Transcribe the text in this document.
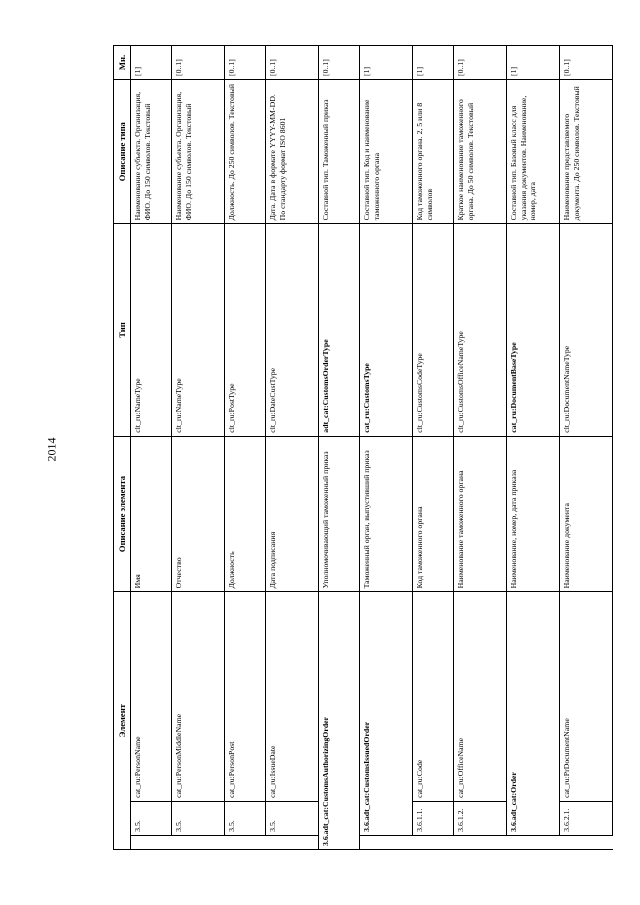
2014
Элемент			Описание элемента	Тип	Описание типа	Мн.
	3.5.	cat_ru:PersonName	Имя	clt_ru:NameType	Наименование субъекта. Организация, ФИО. До 150 символов. Текстовый	[1]
	3.5.	cat_ru:PersonMiddleName	Отчество	clt_ru:NameType	Наименование субъекта. Организация, ФИО. До 150 символов. Текстовый	[0..1]
	3.5.	cat_ru:PersonPost	Должность	clt_ru:PostType	Должность. До 250 символов. Текстовый	[0..1]
	3.5.	cat_ru:IssueDate	Дата подписания	clt_ru:DateCustType	Дата. Дата в формате YYYY-MM-DD. По стандарту формат ISO 8601	[0..1]
3.6.adt_cat:CustomsAuthorizingOrder			Уполномочивающий таможенный приказ	adt_cat:CustomsOrderType	Составной тип. Таможенный приказ	[0..1]
	3.6.adt_cat:CustomsIssuedOrder		Таможенный орган, выпустивший приказ	cat_ru:CustomsType	Составной тип. Код и наименование таможенного органа	[1]
	3.6.1.1.	cat_ru:Code	Код таможенного органа	clt_ru:CustomsCodeType	Код таможенного органа. 2, 5 или 8 символов	[1]
	3.6.1.2.	cat_ru:OfficeName	Наименование таможенного органа	clt_ru:CustomsOfficeNameType	Краткое наименование таможенного органа. До 50 символов. Текстовый	[0..1]
	3.6.adt_cat:Order		Наименование, номер, дата приказа	cat_ru:DocumentBaseType	Составной тип. Базовый класс для указания документов. Наименование, номер, дата	[1]
	3.6.2.1.	cat_ru:PrDocumentName	Наименование документа	clt_ru:DocumentNameType	Наименование представляемого документа. До 250 символов. Текстовый	[0..1]
